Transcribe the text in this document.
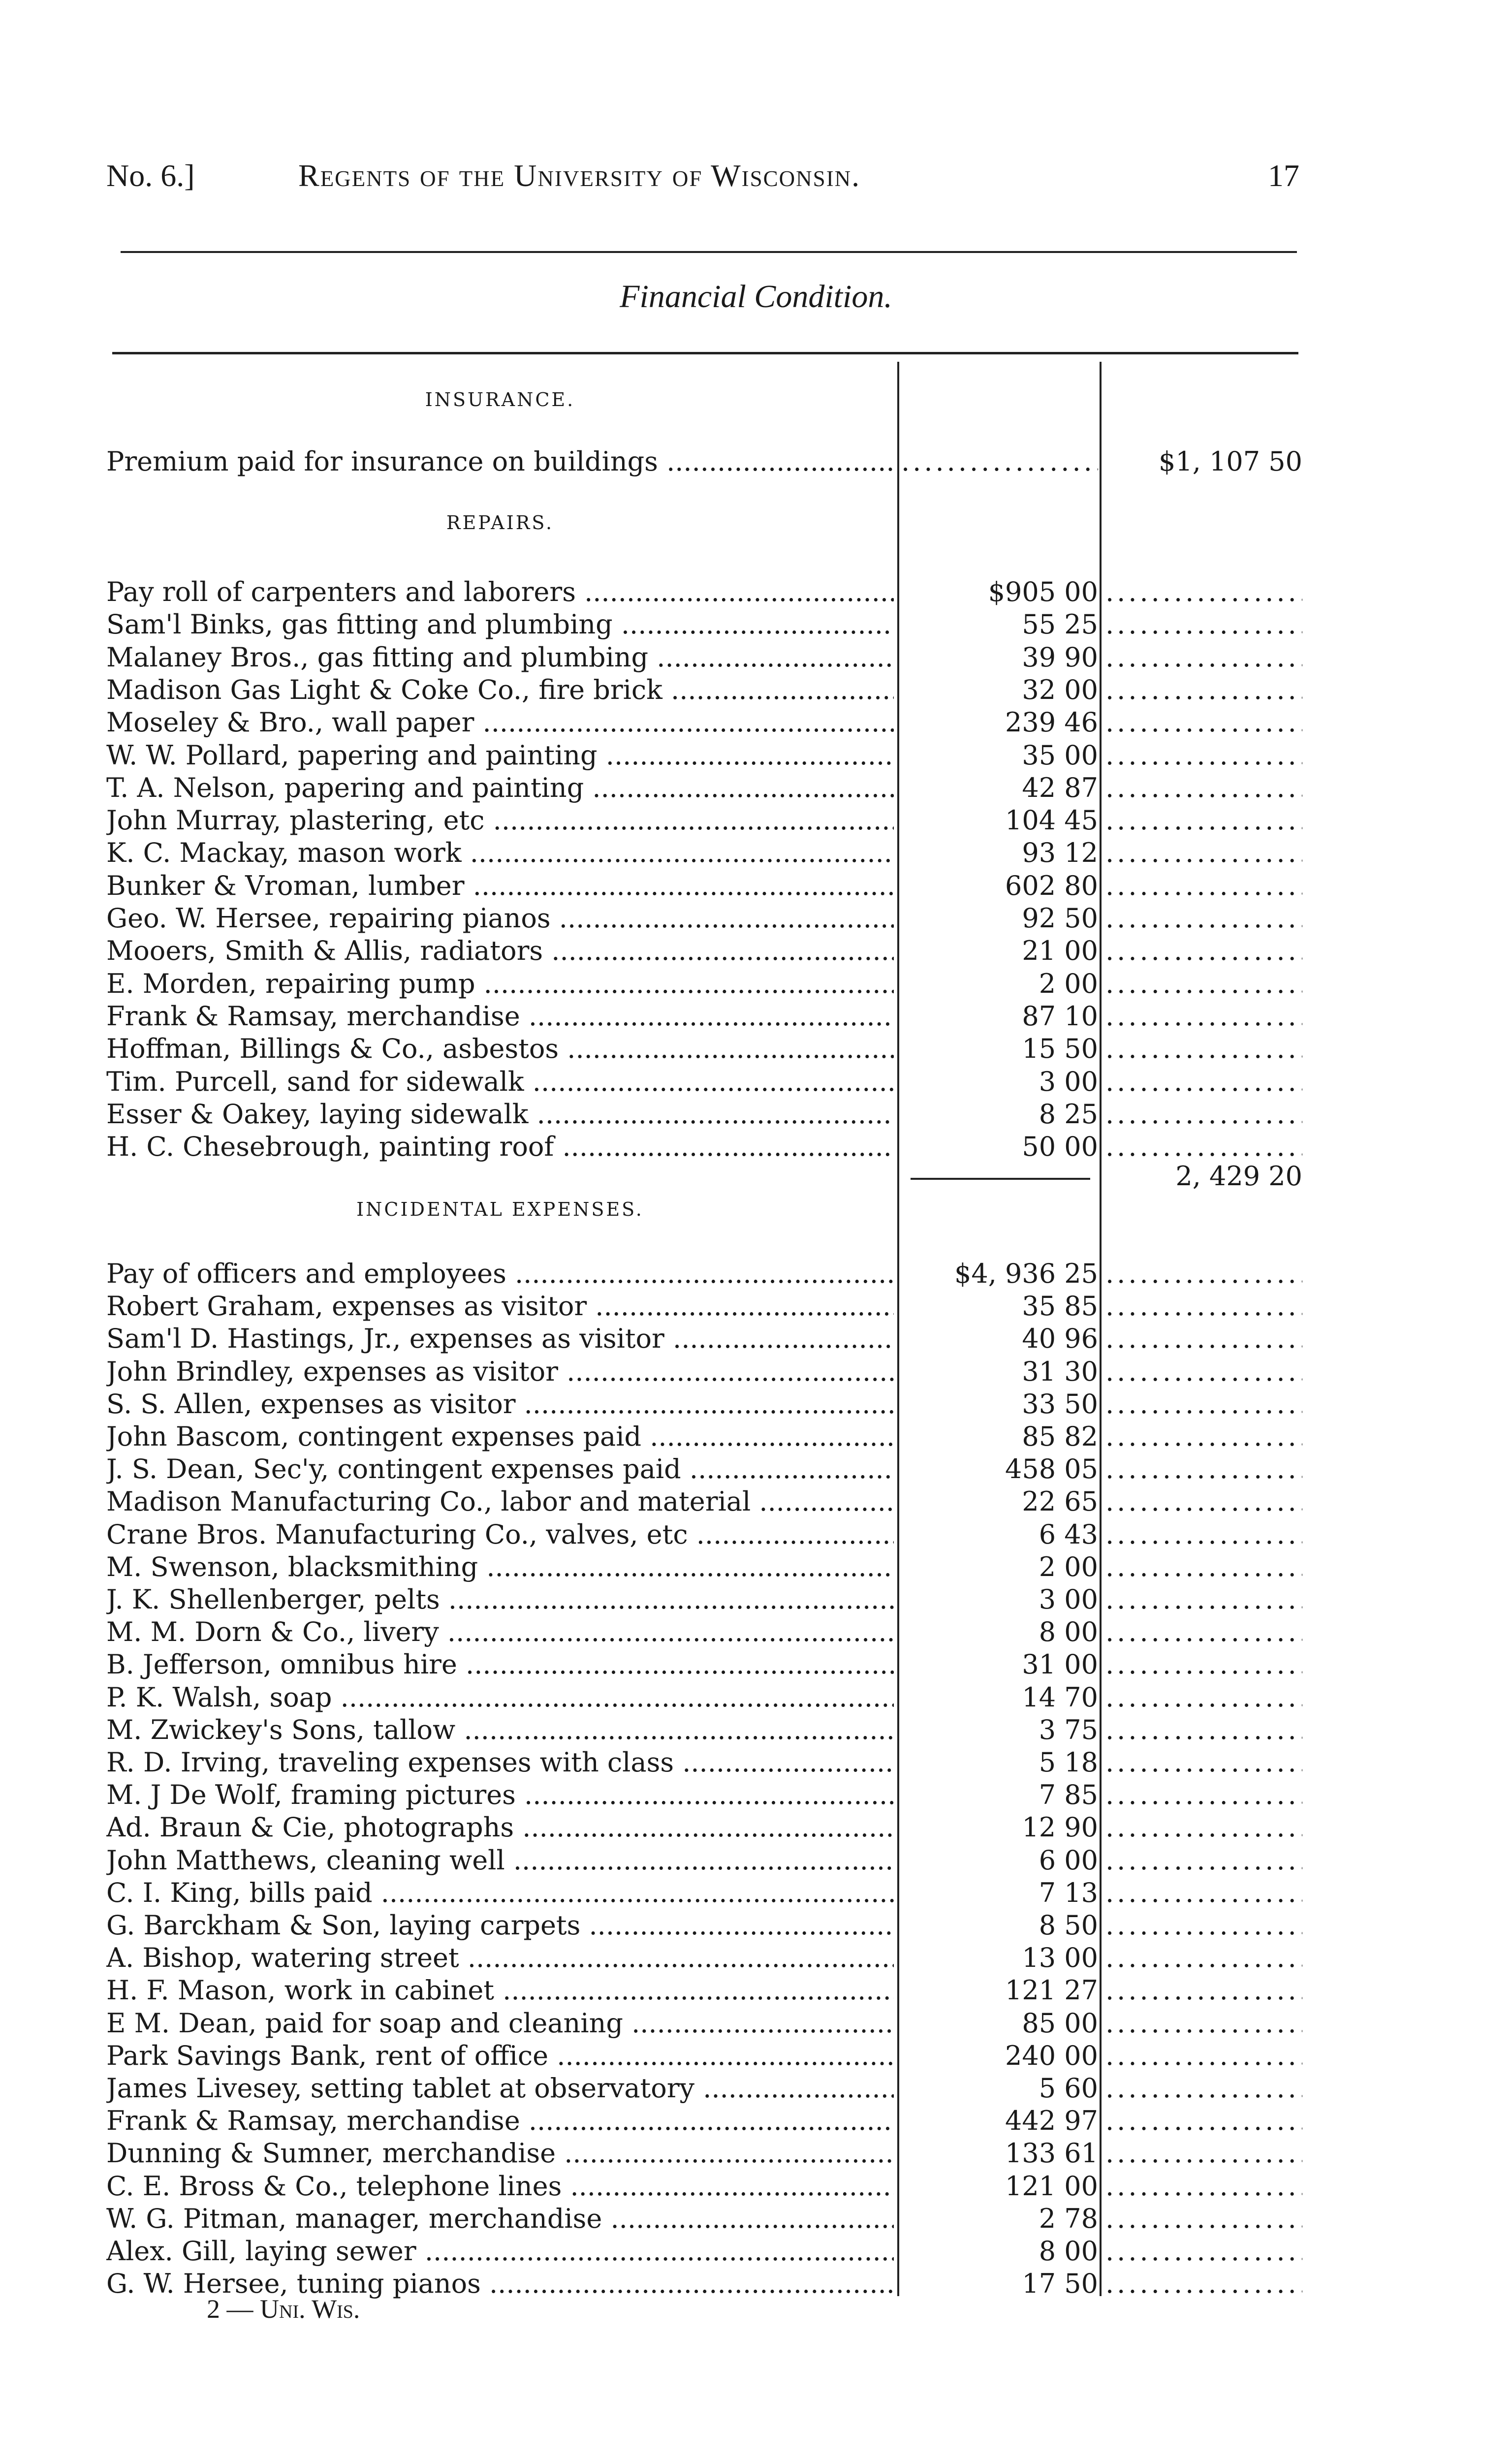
No. 6.]	Regents of the University of Wisconsin.	17
Financial Condition.
INSURANCE.
Premium paid for insurance on buildings .....
.....	$1, 107 50
REPAIRS.
Pay roll of carpenters and laborers .....	$905 00
.....
Sam'l Binks, gas fitting and plumbing .....	55 25
.....
Malaney Bros., gas fitting and plumbing .....	39 90
.....
Madison Gas Light & Coke Co., fire brick .....	32 00
.....
Moseley & Bro., wall paper .....	239 46
.....
W. W. Pollard, papering and painting .....	35 00
.....
T. A. Nelson, papering and painting .....	42 87
.....
John Murray, plastering, etc .....	104 45
.....
K. C. Mackay, mason work .....	93 12
.....
Bunker & Vroman, lumber .....	602 80
.....
Geo. W. Hersee, repairing pianos .....	92 50
.....
Mooers, Smith & Allis, radiators .....	21 00
.....
E. Morden, repairing pump .....	2 00
.....
Frank & Ramsay, merchandise .....	87 10
.....
Hoffman, Billings & Co., asbestos .....	15 50
.....
Tim. Purcell, sand for sidewalk .....	3 00
.....
Esser & Oakey, laying sidewalk .....	8 25
.....
H. C. Chesebrough, painting roof .....	50 00
.....
2, 429 20
INCIDENTAL EXPENSES.
Pay of officers and employees .....	$4, 936 25
.....
Robert Graham, expenses as visitor .....	35 85
.....
Sam'l D. Hastings, Jr., expenses as visitor .....	40 96
.....
John Brindley, expenses as visitor .....	31 30
.....
S. S. Allen, expenses as visitor .....	33 50
.....
John Bascom, contingent expenses paid .....	85 82
.....
J. S. Dean, Sec'y, contingent expenses paid .....	458 05
.....
Madison Manufacturing Co., labor and material .....	22 65
.....
Crane Bros. Manufacturing Co., valves, etc .....	6 43
.....
M. Swenson, blacksmithing .....	2 00
.....
J. K. Shellenberger, pelts .....	3 00
.....
M. M. Dorn & Co., livery .....	8 00
.....
B. Jefferson, omnibus hire .....	31 00
.....
P. K. Walsh, soap .....	14 70
.....
M. Zwickey's Sons, tallow .....	3 75
.....
R. D. Irving, traveling expenses with class .....	5 18
.....
M. J De Wolf, framing pictures .....	7 85
.....
Ad. Braun & Cie, photographs .....	12 90
.....
John Matthews, cleaning well .....	6 00
.....
C. I. King, bills paid .....	7 13
.....
G. Barckham & Son, laying carpets .....	8 50
.....
A. Bishop, watering street .....	13 00
.....
H. F. Mason, work in cabinet .....	121 27
.....
E M. Dean, paid for soap and cleaning .....	85 00
.....
Park Savings Bank, rent of office .....	240 00
.....
James Livesey, setting tablet at observatory .....	5 60
.....
Frank & Ramsay, merchandise .....	442 97
.....
Dunning & Sumner, merchandise .....	133 61
.....
C. E. Bross & Co., telephone lines .....	121 00
.....
W. G. Pitman, manager, merchandise .....	2 78
.....
Alex. Gill, laying sewer .....	8 00
.....
G. W. Hersee, tuning pianos .....	17 50
.....
2 — Uni. Wis.
